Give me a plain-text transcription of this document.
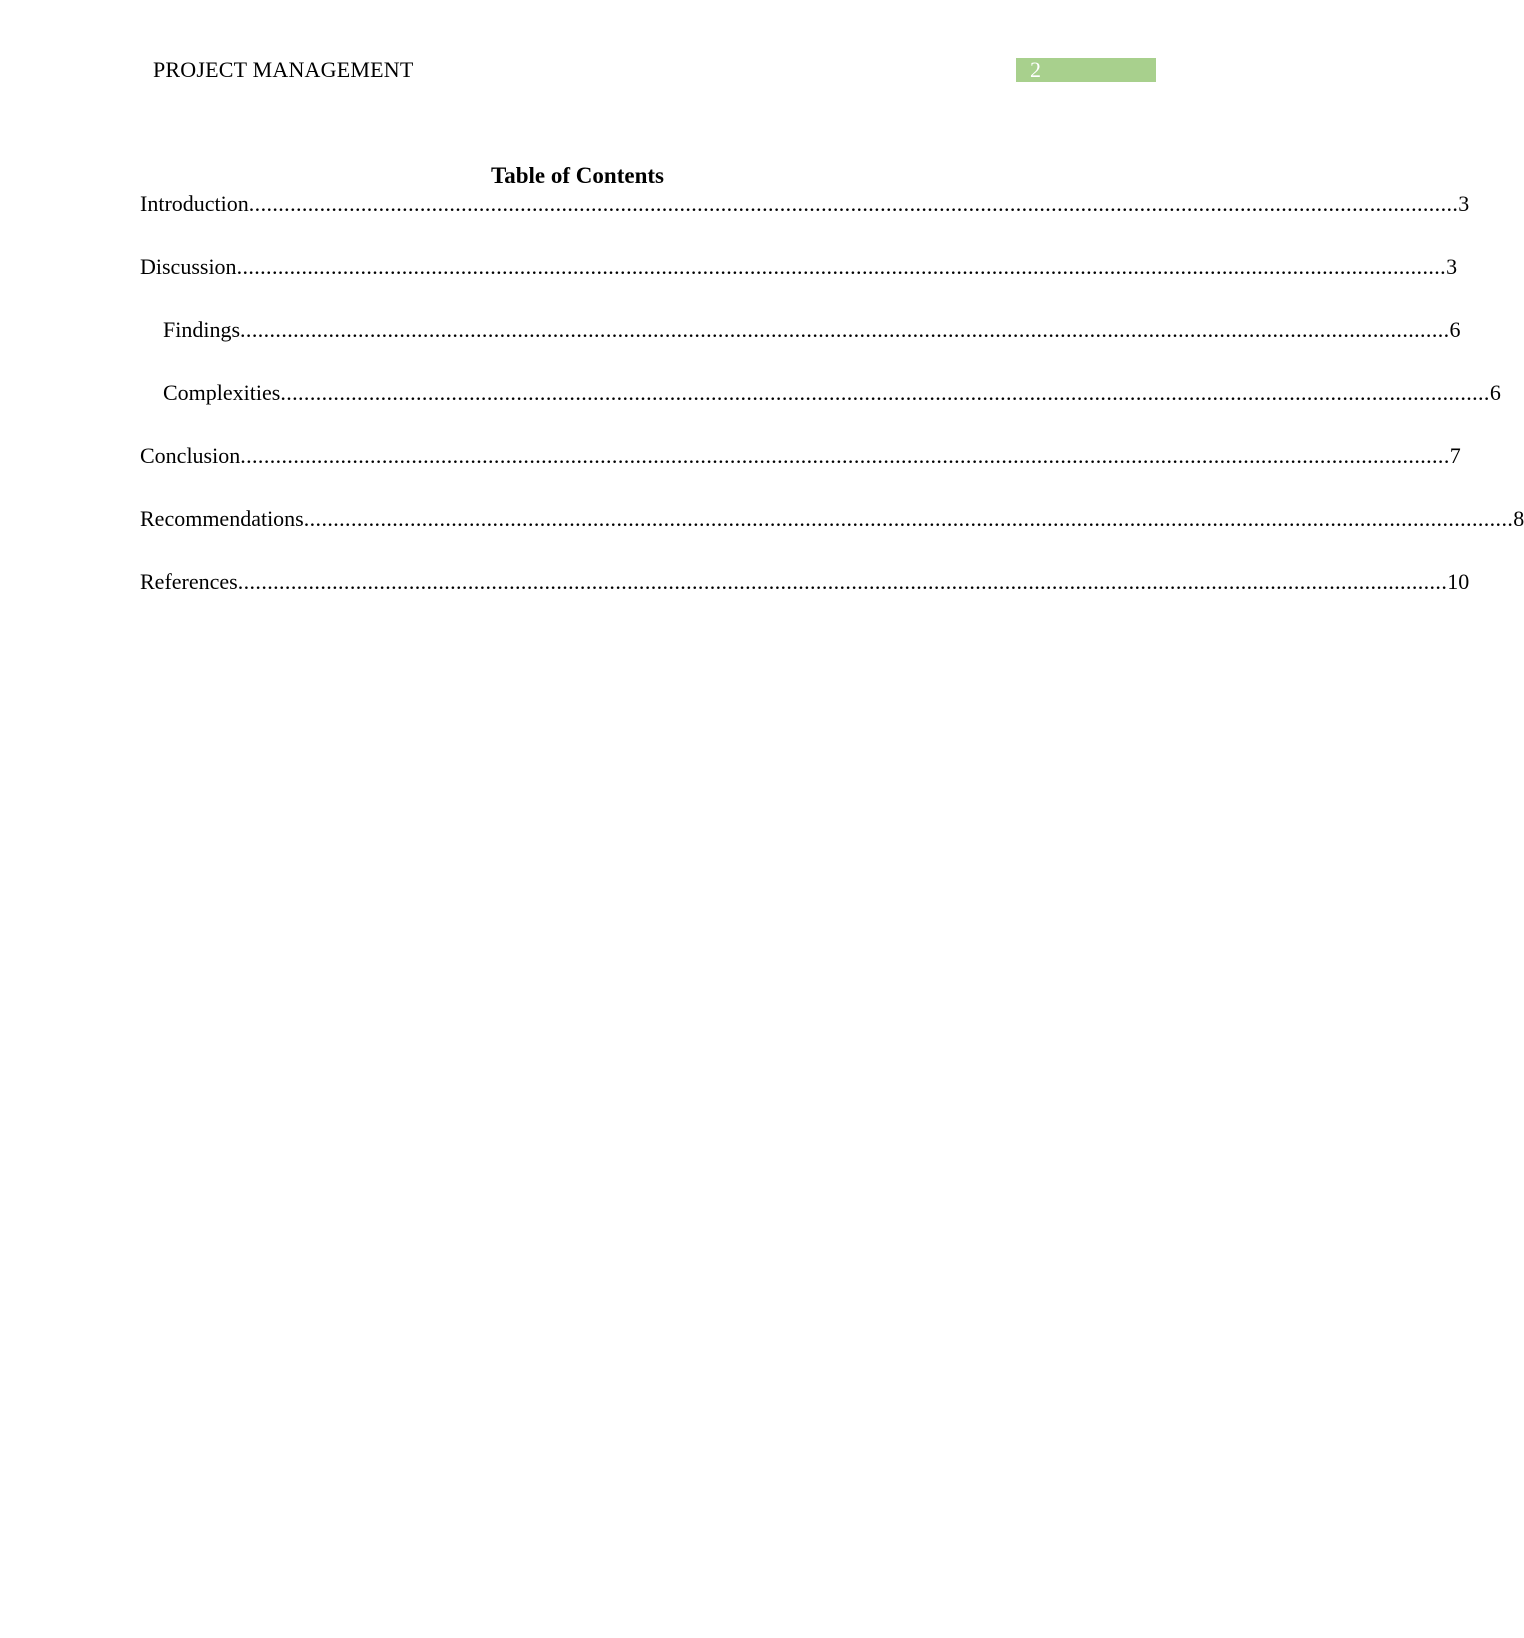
PROJECT MANAGEMENT	2
Table of Contents
Introduction ............................................................................................................................................................................................................. 3
Discussion ............................................................................................................................................................................................................. 3
Findings ............................................................................................................................................................................................................. 6
Complexities ............................................................................................................................................................................................................. 6
Conclusion ............................................................................................................................................................................................................. 7
Recommendations ............................................................................................................................................................................................................. 8
References ............................................................................................................................................................................................................. 10
